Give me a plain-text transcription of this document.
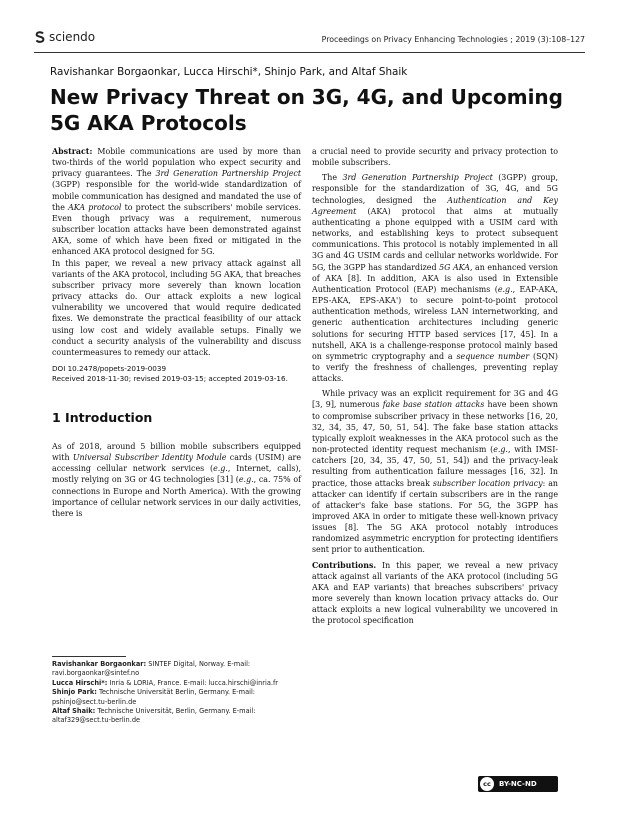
sciendo	Proceedings on Privacy Enhancing Technologies ; 2019 (3):108–127
Ravishankar Borgaonkar, Lucca Hirschi*, Shinjo Park, and Altaf Shaik
New Privacy Threat on 3G, 4G, and Upcoming 5G AKA Protocols

Abstract: Mobile communications are used by more than two-thirds of the world population who expect security and privacy guarantees. The 3rd Generation Partnership Project (3GPP) responsible for the world-wide standardization of mobile communication has designed and mandated the use of the AKA protocol to protect the subscribers' mobile services. Even though privacy was a requirement, numerous subscriber location attacks have been demonstrated against AKA, some of which have been fixed or mitigated in the enhanced AKA protocol designed for 5G.

In this paper, we reveal a new privacy attack against all variants of the AKA protocol, including 5G AKA, that breaches subscriber privacy more severely than known location privacy attacks do. Our attack exploits a new logical vulnerability we uncovered that would require dedicated fixes. We demonstrate the practical feasibility of our attack using low cost and widely available setups. Finally we conduct a security analysis of the vulnerability and discuss countermeasures to remedy our attack.

DOI 10.2478/popets-2019-0039
Received 2018-11-30; revised 2019-03-15; accepted 2019-03-16.
1 Introduction

As of 2018, around 5 billion mobile subscribers equipped with Universal Subscriber Identity Module cards (USIM) are accessing cellular network services (e.g., Internet, calls), mostly relying on 3G or 4G technologies [31] (e.g., ca. 75% of connections in Europe and North America). With the growing importance of cellular network services in our daily activities, there is

a crucial need to provide security and privacy protection to mobile subscribers.

The 3rd Generation Partnership Project (3GPP) group, responsible for the standardization of 3G, 4G, and 5G technologies, designed the Authentication and Key Agreement (AKA) protocol that aims at mutually authenticating a phone equipped with a USIM card with networks, and establishing keys to protect subsequent communications. This protocol is notably implemented in all 3G and 4G USIM cards and cellular networks worldwide. For 5G, the 3GPP has standardized 5G AKA, an enhanced version of AKA [8]. In addition, AKA is also used in Extensible Authentication Protocol (EAP) mechanisms (e.g., EAP-AKA, EPS-AKA, EPS-AKA') to secure point-to-point protocol authentication methods, wireless LAN internetworking, and generic authentication architectures including generic solutions for securing HTTP based services [17, 45]. In a nutshell, AKA is a challenge-response protocol mainly based on symmetric cryptography and a sequence number (SQN) to verify the freshness of challenges, preventing replay attacks.

While privacy was an explicit requirement for 3G and 4G [3, 9], numerous fake base station attacks have been shown to compromise subscriber privacy in these networks [16, 20, 32, 34, 35, 47, 50, 51, 54]. The fake base station attacks typically exploit weaknesses in the AKA protocol such as the non-protected identity request mechanism (e.g., with IMSI-catchers [20, 34, 35, 47, 50, 51, 54]) and the privacy-leak resulting from authentication failure messages [16, 32]. In practice, those attacks break subscriber location privacy: an attacker can identify if certain subscribers are in the range of attacker's fake base stations. For 5G, the 3GPP has improved AKA in order to mitigate these well-known privacy issues [8]. The 5G AKA protocol notably introduces randomized asymmetric encryption for protecting identifiers sent prior to authentication.

Contributions. In this paper, we reveal a new privacy attack against all variants of the AKA protocol (including 5G AKA and EAP variants) that breaches subscribers' privacy more severely than known location privacy attacks do. Our attack exploits a new logical vulnerability we uncovered in the protocol specification

Ravishankar Borgaonkar: SINTEF Digital, Norway. E-mail: ravi.borgaonkar@sintef.no
Lucca Hirschi*: Inria & LORIA, France. E-mail: lucca.hirschi@inria.fr
Shinjo Park: Technische Universität Berlin, Germany. E-mail: pshinjo@sect.tu-berlin.de
Altaf Shaik: Technische Universität, Berlin, Germany. E-mail: altaf329@sect.tu-berlin.de
cc	BY-NC-ND
